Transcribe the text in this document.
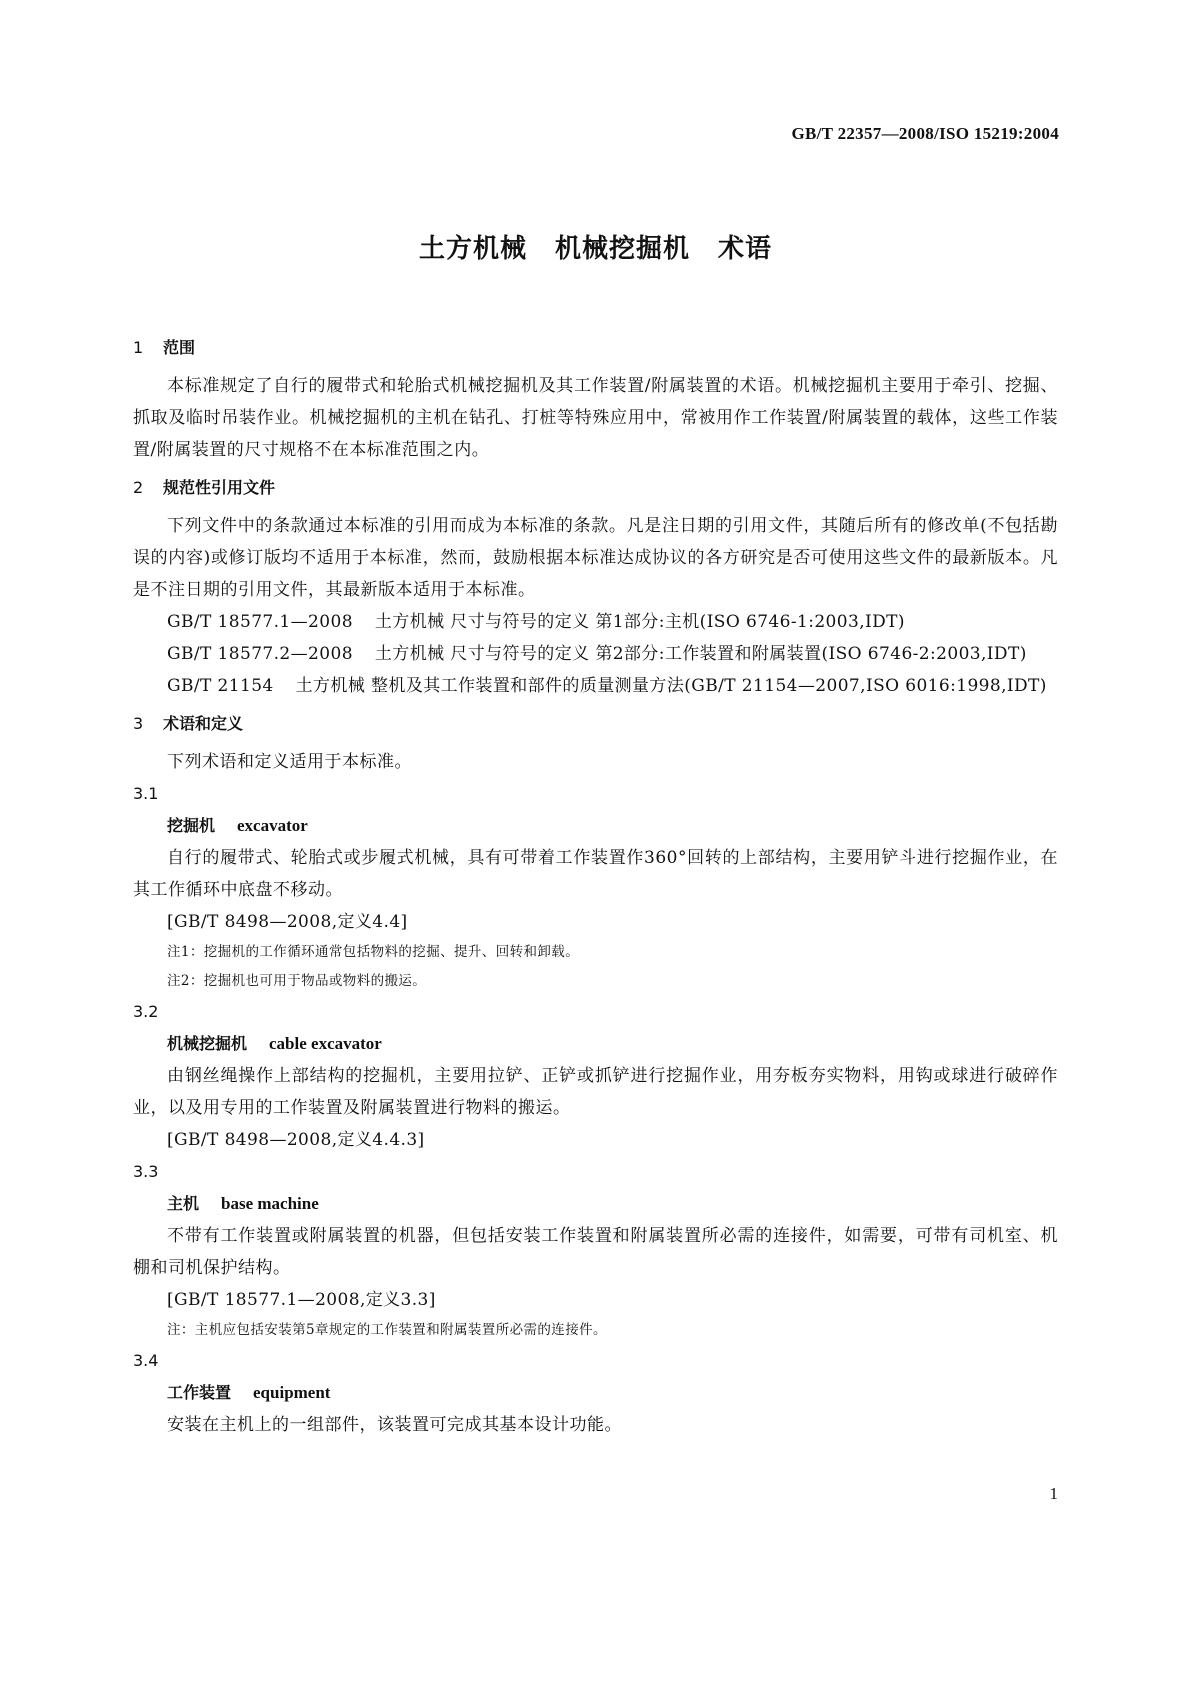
GB/T 22357—2008/ISO 15219:2004
土方机械 机械挖掘机 术语
1 范围
本标准规定了自行的履带式和轮胎式机械挖掘机及其工作装置/附属装置的术语。机械挖掘机主要用于牵引、挖掘、抓取及临时吊装作业。机械挖掘机的主机在钻孔、打桩等特殊应用中，常被用作工作装置/附属装置的载体，这些工作装置/附属装置的尺寸规格不在本标准范围之内。
2 规范性引用文件
下列文件中的条款通过本标准的引用而成为本标准的条款。凡是注日期的引用文件，其随后所有的修改单(不包括勘误的内容)或修订版均不适用于本标准，然而，鼓励根据本标准达成协议的各方研究是否可使用这些文件的最新版本。凡是不注日期的引用文件，其最新版本适用于本标准。
GB/T 18577.1—2008 土方机械 尺寸与符号的定义 第1部分:主机(ISO 6746-1:2003,IDT)
GB/T 18577.2—2008 土方机械 尺寸与符号的定义 第2部分:工作装置和附属装置(ISO 6746-2:2003,IDT)
GB/T 21154 土方机械 整机及其工作装置和部件的质量测量方法(GB/T 21154—2007,ISO 6016:1998,IDT)
3 术语和定义
下列术语和定义适用于本标准。
3.1
挖掘机 excavator
自行的履带式、轮胎式或步履式机械，具有可带着工作装置作360°回转的上部结构，主要用铲斗进行挖掘作业，在其工作循环中底盘不移动。
[GB/T 8498—2008,定义4.4]
注1：挖掘机的工作循环通常包括物料的挖掘、提升、回转和卸载。
注2：挖掘机也可用于物品或物料的搬运。
3.2
机械挖掘机 cable excavator
由钢丝绳操作上部结构的挖掘机，主要用拉铲、正铲或抓铲进行挖掘作业，用夯板夯实物料，用钩或球进行破碎作业，以及用专用的工作装置及附属装置进行物料的搬运。
[GB/T 8498—2008,定义4.4.3]
3.3
主机 base machine
不带有工作装置或附属装置的机器，但包括安装工作装置和附属装置所必需的连接件，如需要，可带有司机室、机棚和司机保护结构。
[GB/T 18577.1—2008,定义3.3]
注：主机应包括安装第5章规定的工作装置和附属装置所必需的连接件。
3.4
工作装置 equipment
安装在主机上的一组部件，该装置可完成其基本设计功能。
1
